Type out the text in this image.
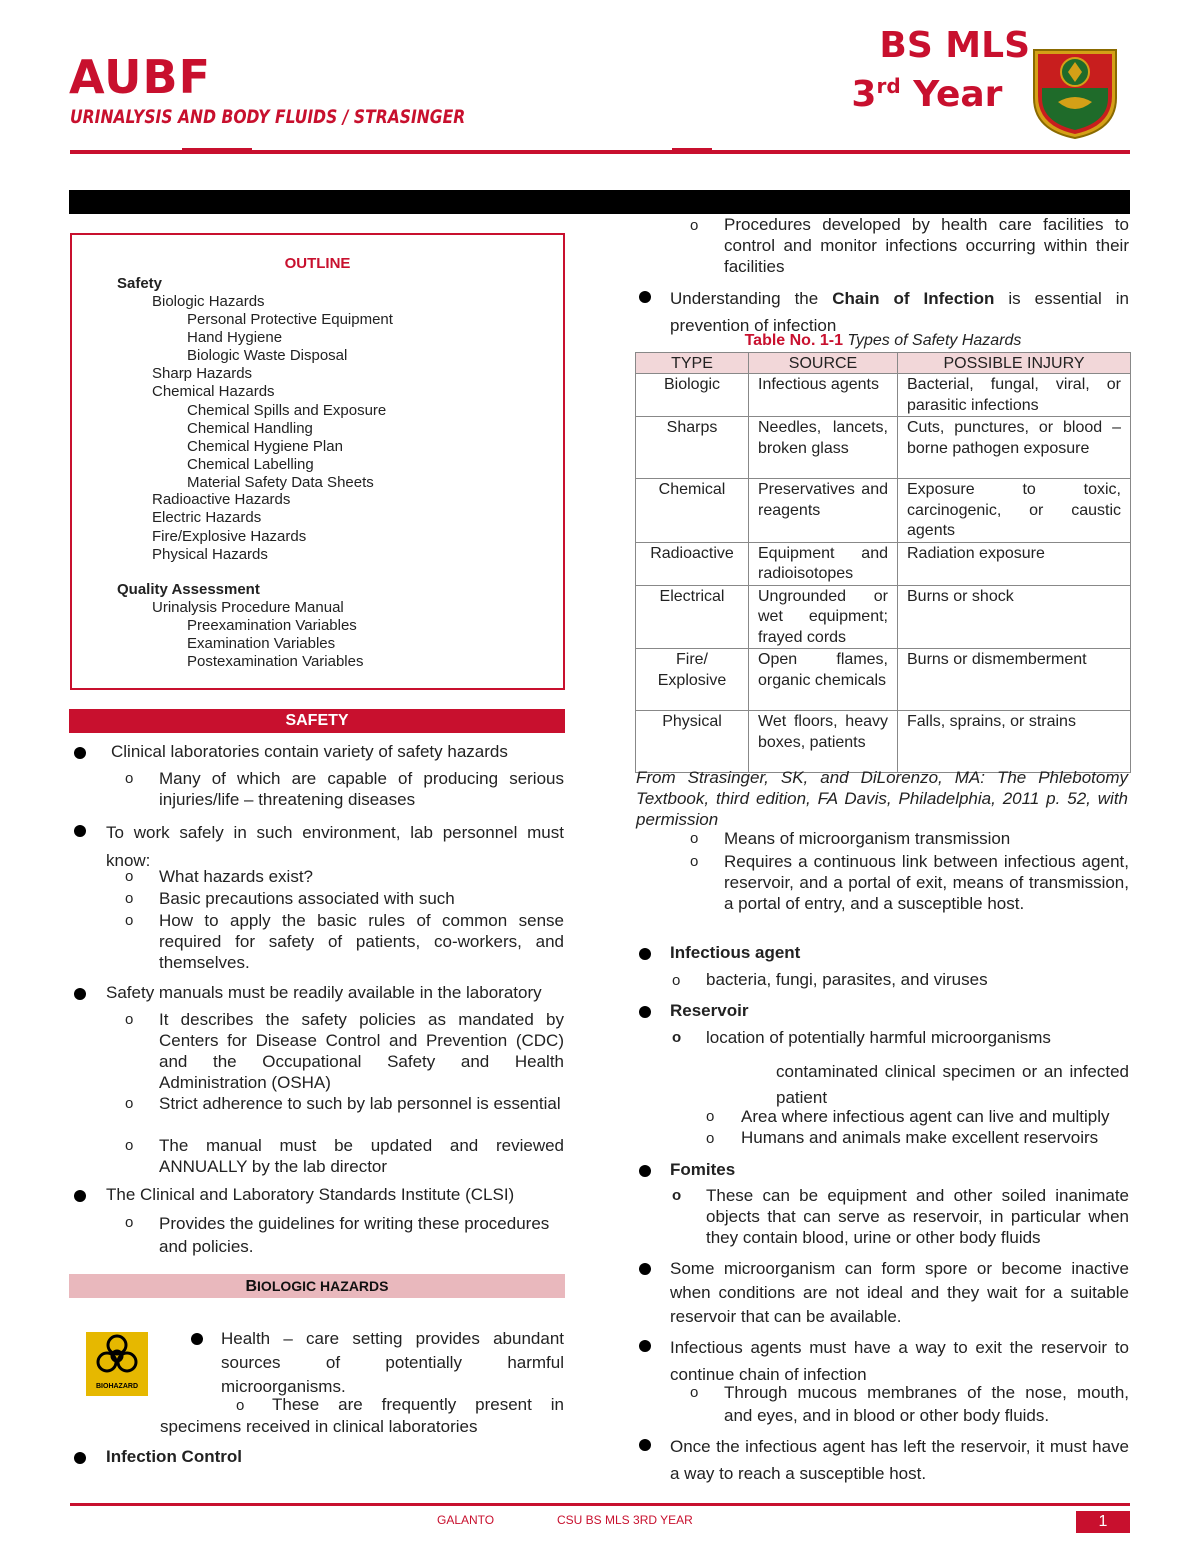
AUBF
URINALYSIS AND BODY FLUIDS / STRASINGER
BS MLS
3rd Year
OUTLINE
Safety
Biologic Hazards
Personal Protective Equipment
Hand Hygiene
Biologic Waste Disposal
Sharp Hazards
Chemical Hazards
Chemical Spills and Exposure
Chemical Handling
Chemical Hygiene Plan
Chemical Labelling
Material Safety Data Sheets
Radioactive Hazards
Electric Hazards
Fire/Explosive Hazards
Physical Hazards
Quality Assessment
Urinalysis Procedure Manual
Preexamination Variables
Examination Variables
Postexamination Variables
SAFETY
Clinical laboratories contain variety of safety hazards
o Many of which are capable of producing serious injuries/life – threatening diseases
To work safely in such environment, lab personnel must know:
o What hazards exist?
o Basic precautions associated with such
o How to apply the basic rules of common sense required for safety of patients, co-workers, and themselves.
Safety manuals must be readily available in the laboratory
o It describes the safety policies as mandated by Centers for Disease Control and Prevention (CDC) and the Occupational Safety and Health Administration (OSHA)
o Strict adherence to such by lab personnel is essential
o The manual must be updated and reviewed ANNUALLY by the lab director
The Clinical and Laboratory Standards Institute (CLSI)
o Provides the guidelines for writing these procedures and policies.
BIOLOGIC HAZARDS
BIOHAZARD
Health – care setting provides abundant sources of potentially harmful microorganisms.
o These are frequently present in
specimens received in clinical laboratories
Infection Control
o Procedures developed by health care facilities to control and monitor infections occurring within their facilities
Understanding the Chain of Infection is essential in prevention of infection
Table No. 1-1 Types of Safety Hazards
TYPE	SOURCE	POSSIBLE INJURY
Biologic	Infectious agents	Bacterial, fungal, viral, or parasitic infections
Sharps	Needles, lancets, broken glass	Cuts, punctures, or blood – borne pathogen exposure
Chemical	Preservatives and reagents	Exposure to toxic, carcinogenic, or caustic agents
Radioactive	Equipment and radioisotopes	Radiation exposure
Electrical	Ungrounded or wet equipment; frayed cords	Burns or shock
Fire/ Explosive	Open flames, organic chemicals	Burns or dismemberment
Physical	Wet floors, heavy boxes, patients	Falls, sprains, or strains
From Strasinger, SK, and DiLorenzo, MA: The Phlebotomy Textbook, third edition, FA Davis, Philadelphia, 2011 p. 52, with permission
o Means of microorganism transmission
o Requires a continuous link between infectious agent, reservoir, and a portal of exit, means of transmission, a portal of entry, and a susceptible host.
Infectious agent
o bacteria, fungi, parasites, and viruses
Reservoir
o location of potentially harmful microorganisms
contaminated clinical specimen or an infected patient
o Area where infectious agent can live and multiply
o Humans and animals make excellent reservoirs
Fomites
o These can be equipment and other soiled inanimate objects that can serve as reservoir, in particular when they contain blood, urine or other body fluids
Some microorganism can form spore or become inactive when conditions are not ideal and they wait for a suitable reservoir that can be available.
Infectious agents must have a way to exit the reservoir to continue chain of infection
o Through mucous membranes of the nose, mouth, and eyes, and in blood or other body fluids.
Once the infectious agent has left the reservoir, it must have a way to reach a susceptible host.
GALANTO	CSU BS MLS 3RD YEAR	1
